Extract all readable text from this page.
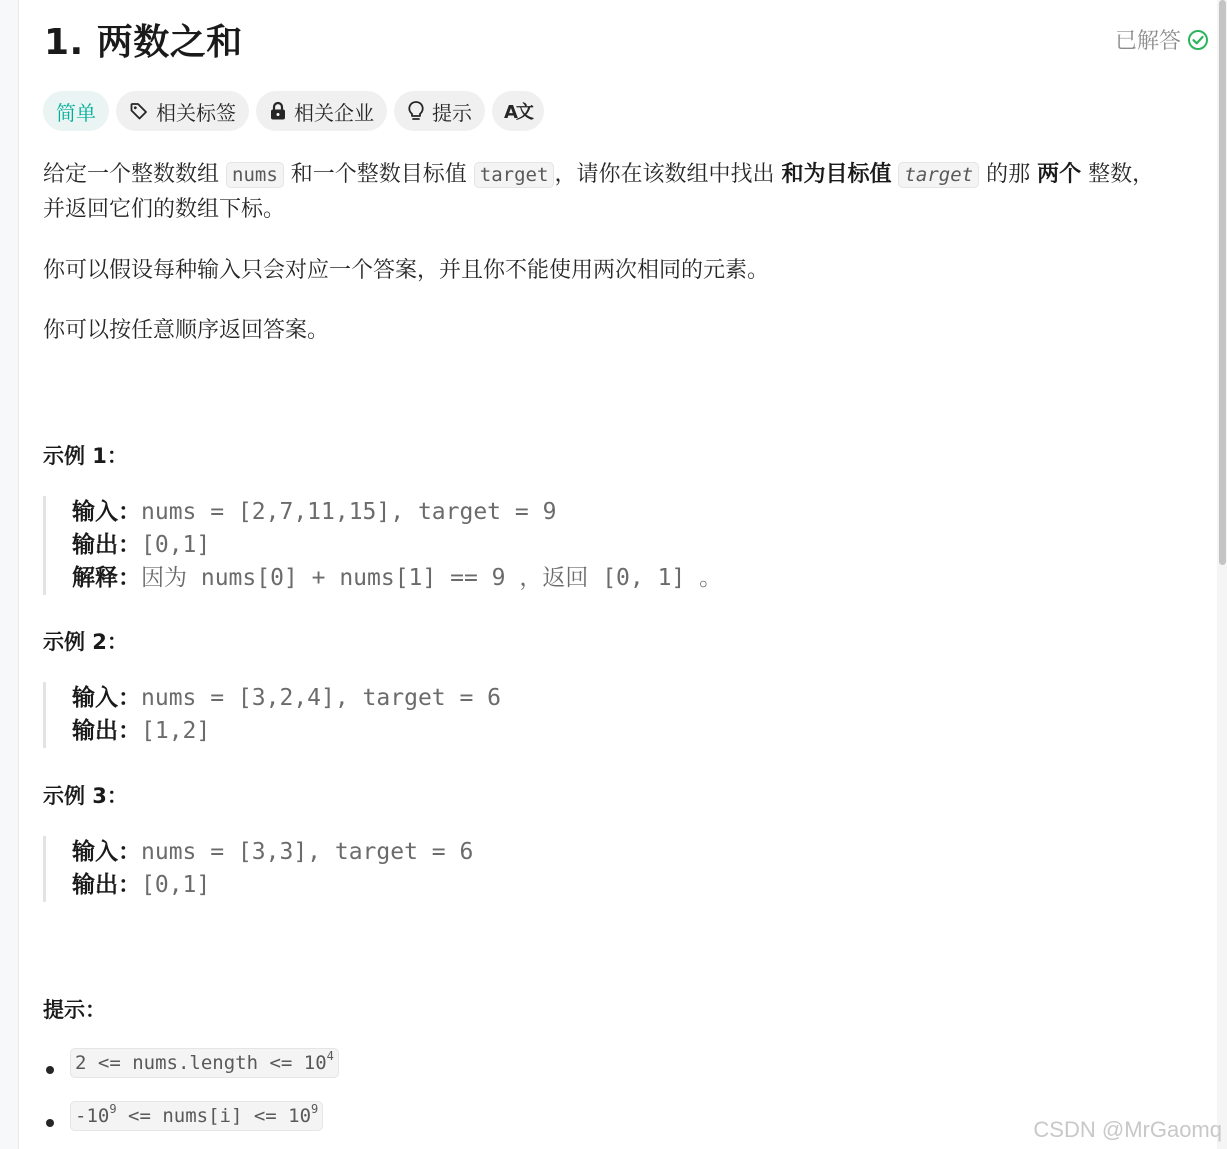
1. 两数之和	已解答
简单	相关标签	相关企业	提示 A文
给定一个整数数组 nums 和一个整数目标值 target ，请你在该数组中找出 和为目标值 target 的那 两个 整数，
并返回它们的数组下标。
你可以假设每种输入只会对应一个答案，并且你不能使用两次相同的元素。
你可以按任意顺序返回答案。
示例 1：
输入：nums = [2,7,11,15], target = 9
输出：[0,1]
解释：因为 nums[0] + nums[1] == 9 ，返回 [0, 1] 。
示例 2：
输入：nums = [3,2,4], target = 6
输出：[1,2]
示例 3：
输入：nums = [3,3], target = 6
输出：[0,1]
提示：
2 <= nums.length <= $10^4$
$-10^9$ <= nums[i] <= $10^9$
CSDN @MrGaomq
